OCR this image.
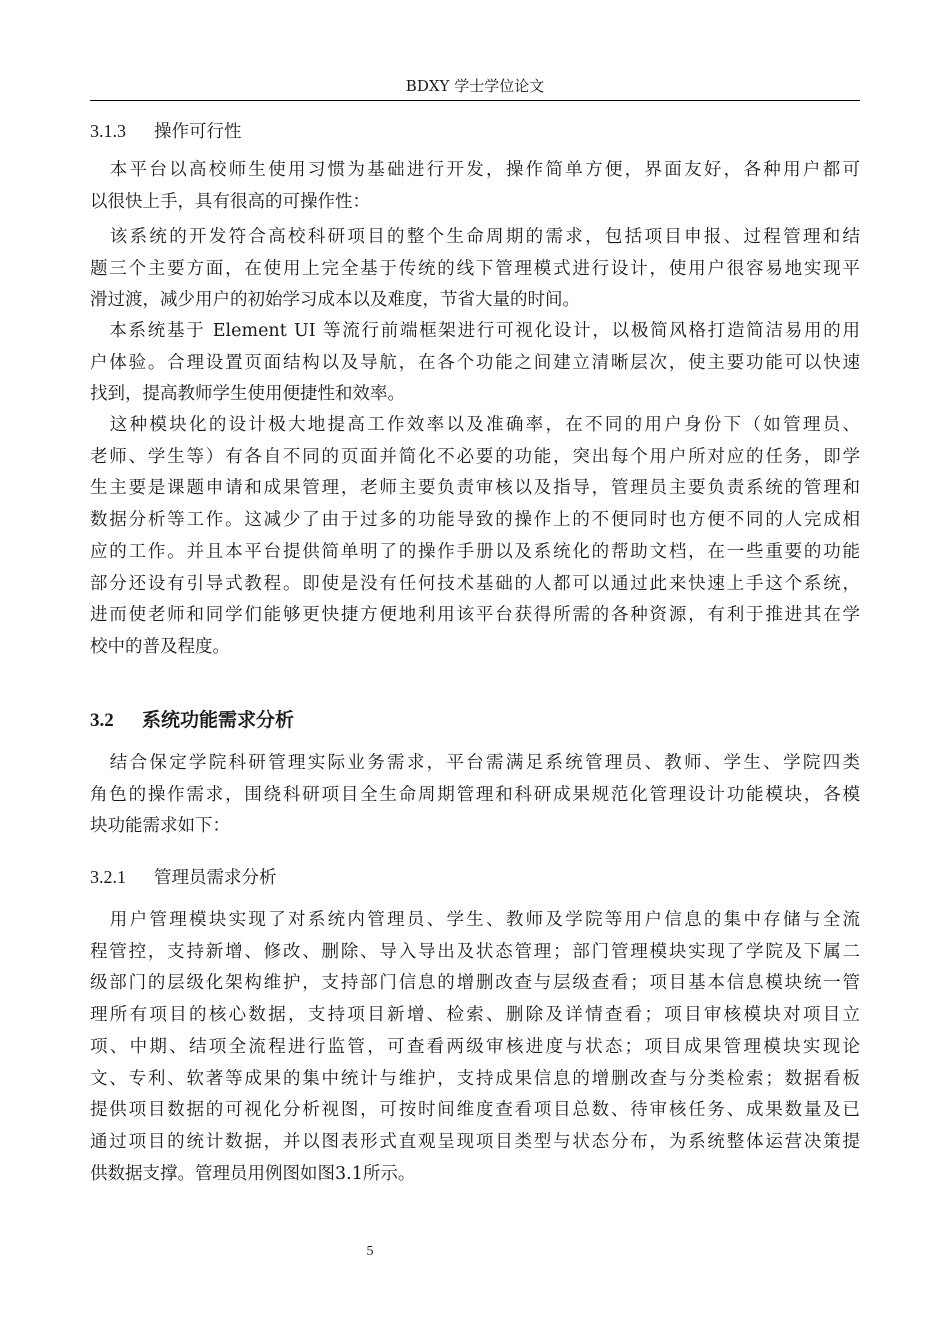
BDXY 学士学位论文
3.1.3 操作可行性
　本平台以高校师生使用习惯为基础进行开发，操作简单方便，界面友好，各种用户都可
以很快上手，具有很高的可操作性：
　该系统的开发符合高校科研项目的整个生命周期的需求，包括项目申报、过程管理和结
题三个主要方面，在使用上完全基于传统的线下管理模式进行设计，使用户很容易地实现平
滑过渡，减少用户的初始学习成本以及难度，节省大量的时间。
　本系统基于 Element UI 等流行前端框架进行可视化设计，以极简风格打造简洁易用的用
户体验。合理设置页面结构以及导航，在各个功能之间建立清晰层次，使主要功能可以快速
找到，提高教师学生使用便捷性和效率。
　这种模块化的设计极大地提高工作效率以及准确率，在不同的用户身份下（如管理员、
老师、学生等）有各自不同的页面并简化不必要的功能，突出每个用户所对应的任务，即学
生主要是课题申请和成果管理，老师主要负责审核以及指导，管理员主要负责系统的管理和
数据分析等工作。这减少了由于过多的功能导致的操作上的不便同时也方便不同的人完成相
应的工作。并且本平台提供简单明了的操作手册以及系统化的帮助文档，在一些重要的功能
部分还设有引导式教程。即使是没有任何技术基础的人都可以通过此来快速上手这个系统，
进而使老师和同学们能够更快捷方便地利用该平台获得所需的各种资源，有利于推进其在学
校中的普及程度。
3.2 系统功能需求分析
　结合保定学院科研管理实际业务需求，平台需满足系统管理员、教师、学生、学院四类
角色的操作需求，围绕科研项目全生命周期管理和科研成果规范化管理设计功能模块，各模
块功能需求如下：
3.2.1 管理员需求分析
　用户管理模块实现了对系统内管理员、学生、教师及学院等用户信息的集中存储与全流
程管控，支持新增、修改、删除、导入导出及状态管理；部门管理模块实现了学院及下属二
级部门的层级化架构维护，支持部门信息的增删改查与层级查看；项目基本信息模块统一管
理所有项目的核心数据，支持项目新增、检索、删除及详情查看；项目审核模块对项目立
项、中期、结项全流程进行监管，可查看两级审核进度与状态；项目成果管理模块实现论
文、专利、软著等成果的集中统计与维护，支持成果信息的增删改查与分类检索；数据看板
提供项目数据的可视化分析视图，可按时间维度查看项目总数、待审核任务、成果数量及已
通过项目的统计数据，并以图表形式直观呈现项目类型与状态分布，为系统整体运营决策提
供数据支撑。管理员用例图如图3.1所示。
5
